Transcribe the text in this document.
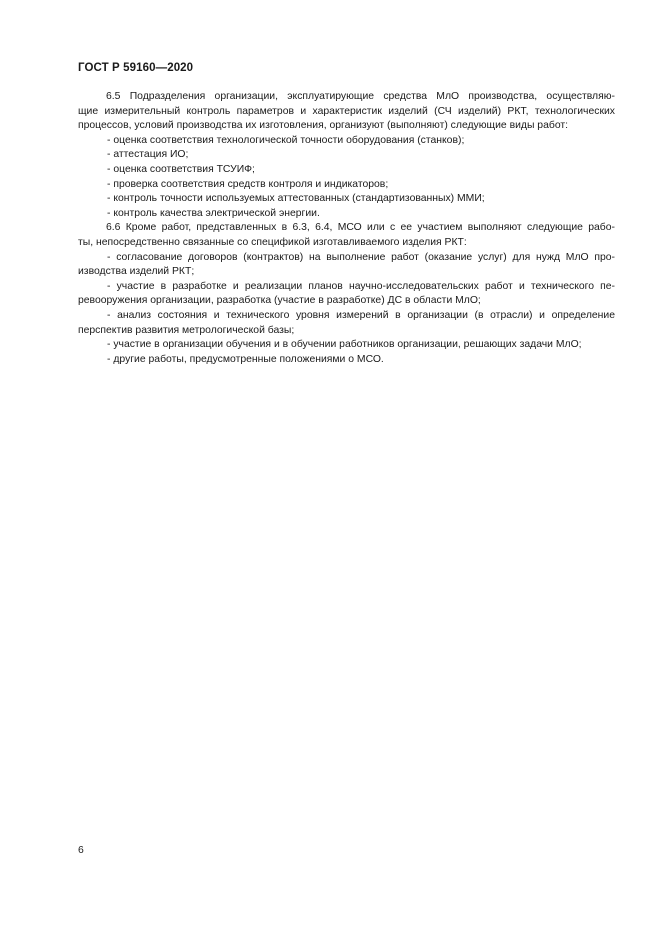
ГОСТ Р 59160—2020
6.5 Подразделения организации, эксплуатирующие средства МлО производства, осуществляю-
щие измерительный контроль параметров и характеристик изделий (СЧ изделий) РКТ, технологических
процессов, условий производства их изготовления, организуют (выполняют) следующие виды работ:
- оценка соответствия технологической точности оборудования (станков);
- аттестация ИО;
- оценка соответствия ТСУИФ;
- проверка соответствия средств контроля и индикаторов;
- контроль точности используемых аттестованных (стандартизованных) ММИ;
- контроль качества электрической энергии.
6.6 Кроме работ, представленных в 6.3, 6.4, МСО или с ее участием выполняют следующие рабо-
ты, непосредственно связанные со спецификой изготавливаемого изделия РКТ:
- согласование договоров (контрактов) на выполнение работ (оказание услуг) для нужд МлО про-
изводства изделий РКТ;
- участие в разработке и реализации планов научно-исследовательских работ и технического пе-
ревооружения организации, разработка (участие в разработке) ДС в области МлО;
- анализ состояния и технического уровня измерений в организации (в отрасли) и определение
перспектив развития метрологической базы;
- участие в организации обучения и в обучении работников организации, решающих задачи МлО;
- другие работы, предусмотренные положениями о МСО.
6
